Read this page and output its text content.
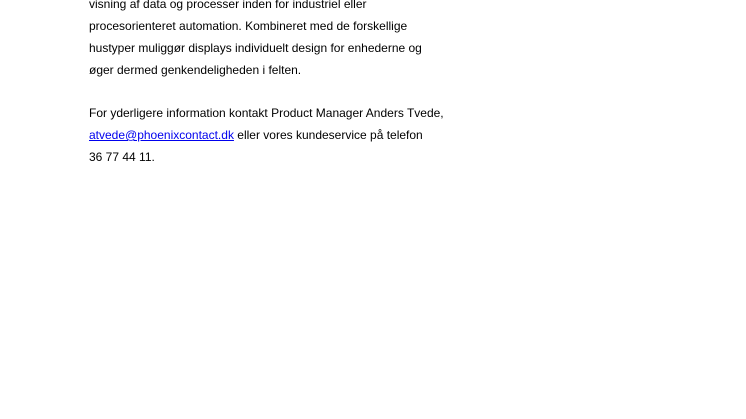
visning af data og processer inden for industriel eller
procesorienteret automation. Kombineret med de forskellige
hustyper muliggør displays individuelt design for enhederne og
øger dermed genkendeligheden i felten.
For yderligere information kontakt Product Manager Anders Tvede,
atvede@phoenixcontact.dk eller vores kundeservice på telefon
36 77 44 11.
